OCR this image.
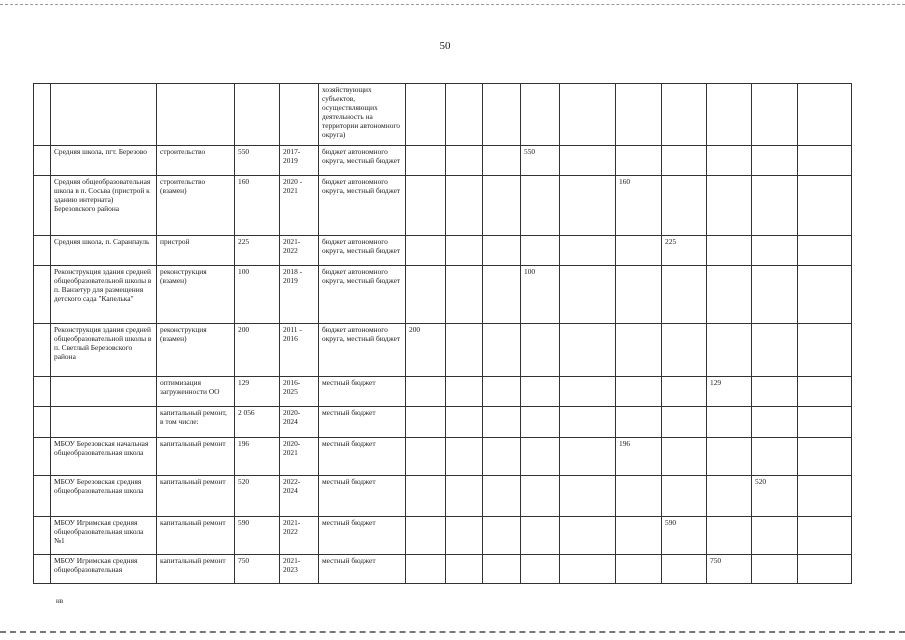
50
					хозяйствующих субъектов, осуществляющих деятельность на территории автономного округа)										
	Средняя школа, пгт. Березово	строительство	550	2017-2019	бюджет автономного округа, местный бюджет				550						
	Средняя общеобразовательная школа в п. Сосьва (пристрой к зданию интерната) Березовского района	строительство (взамен)	160	2020 - 2021	бюджет автономного округа, местный бюджет						160				
	Средняя школа, п. Саранпауль	пристрой	225	2021-2022	бюджет автономного округа, местный бюджет							225			
	Реконструкция здания средней общеобразовательной школы в п. Ванзетур для размещения детского сада "Капелька"	реконструкция (взамен)	100	2018 - 2019	бюджет автономного округа, местный бюджет				100						
	Реконструкция здания средней общеобразовательной школы в п. Светлый Березовского района	реконструкция (взамен)	200	2011 - 2016	бюджет автономного округа, местный бюджет	200									
		оптимизация загруженности ОО	129	2016-2025	местный бюджет								129		
		капитальный ремонт, в том числе:	2 056	2020-2024	местный бюджет										
	МБОУ Березовская начальная общеобразовательная школа	капитальный ремонт	196	2020-2021	местный бюджет						196				
	МБОУ Березовская средняя общеобразовательная школа	капитальный ремонт	520	2022-2024	местный бюджет									520	
	МБОУ Игримская средняя общеобразовательная школа №1	капитальный ремонт	590	2021-2022	местный бюджет							590			
	МБОУ Игримская средняя общеобразовательная	капитальный ремонт	750	2021-2023	местный бюджет								750		
нв
